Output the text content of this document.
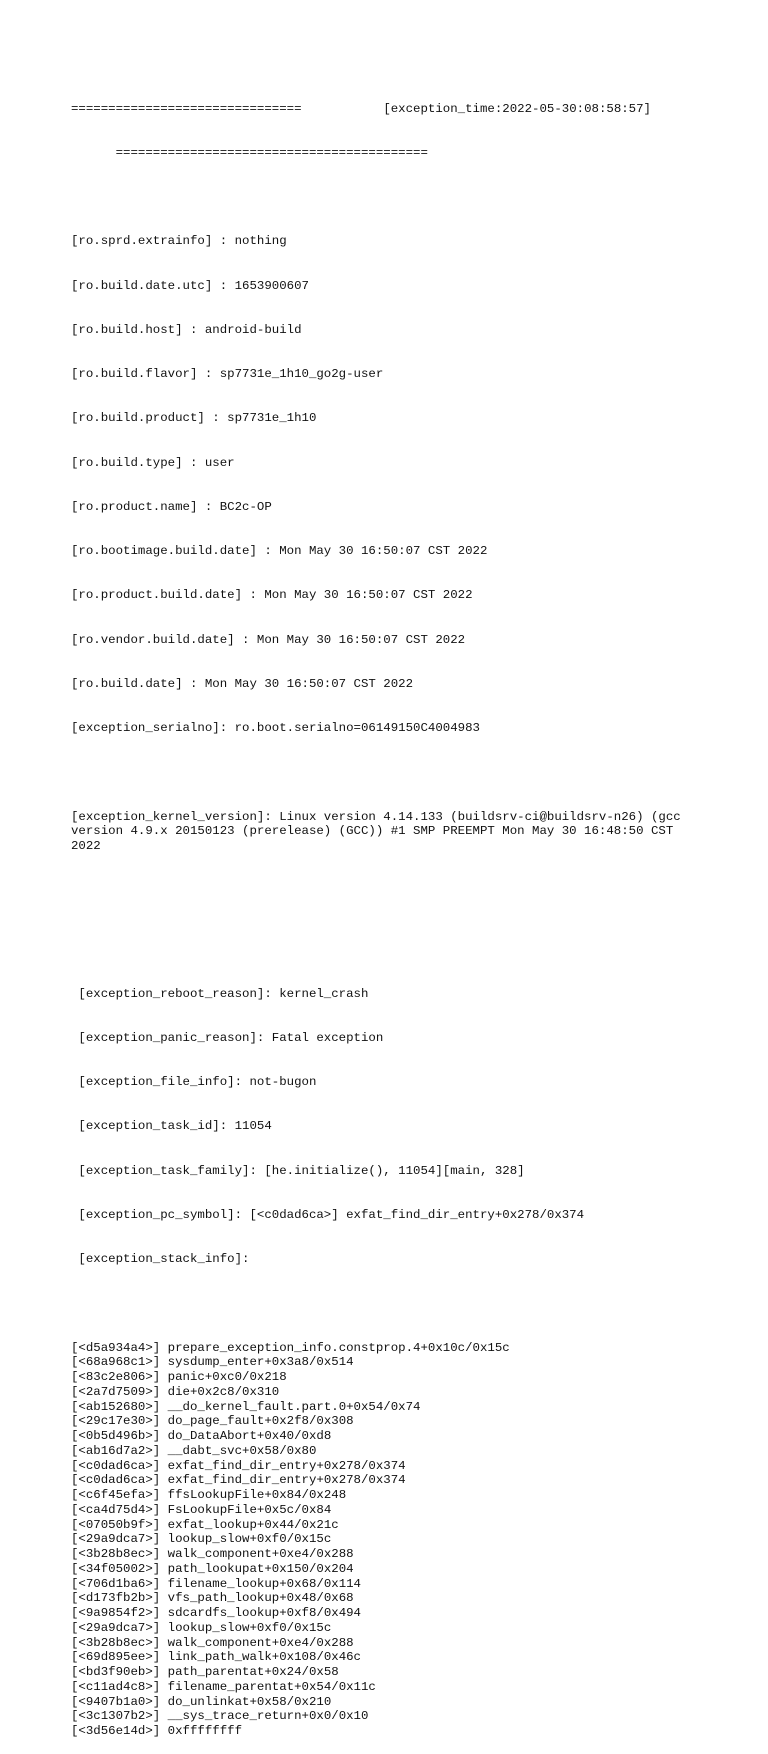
===============================	[exception_time:2022-05-30:08:58:57]

==========================================

[ro.sprd.extrainfo] : nothing

[ro.build.date.utc] : 1653900607

[ro.build.host] : android-build

[ro.build.flavor] : sp7731e_1h10_go2g-user

[ro.build.product] : sp7731e_1h10

[ro.build.type] : user

[ro.product.name] : BC2c-OP

[ro.bootimage.build.date] : Mon May 30 16:50:07 CST 2022

[ro.product.build.date] : Mon May 30 16:50:07 CST 2022

[ro.vendor.build.date] : Mon May 30 16:50:07 CST 2022

[ro.build.date] : Mon May 30 16:50:07 CST 2022

[exception_serialno]: ro.boot.serialno=06149150C4004983

[exception_kernel_version]: Linux version 4.14.133 (buildsrv-ci@buildsrv-n26) (gcc version 4.9.x 20150123 (prerelease) (GCC)) #1 SMP PREEMPT Mon May 30 16:48:50 CST 2022

[exception_reboot_reason]: kernel_crash

[exception_panic_reason]: Fatal exception

[exception_file_info]: not-bugon

[exception_task_id]: 11054

[exception_task_family]: [he.initialize(), 11054][main, 328]

[exception_pc_symbol]: [<c0dad6ca>] exfat_find_dir_entry+0x278/0x374

[exception_stack_info]:

[<d5a934a4>] prepare_exception_info.constprop.4+0x10c/0x15c
[<68a968c1>] sysdump_enter+0x3a8/0x514
[<83c2e806>] panic+0xc0/0x218
[<2a7d7509>] die+0x2c8/0x310
[<ab152680>] __do_kernel_fault.part.0+0x54/0x74
[<29c17e30>] do_page_fault+0x2f8/0x308
[<0b5d496b>] do_DataAbort+0x40/0xd8
[<ab16d7a2>] __dabt_svc+0x58/0x80
[<c0dad6ca>] exfat_find_dir_entry+0x278/0x374
[<c0dad6ca>] exfat_find_dir_entry+0x278/0x374
[<c6f45efa>] ffsLookupFile+0x84/0x248
[<ca4d75d4>] FsLookupFile+0x5c/0x84
[<07050b9f>] exfat_lookup+0x44/0x21c
[<29a9dca7>] lookup_slow+0xf0/0x15c
[<3b28b8ec>] walk_component+0xe4/0x288
[<34f05002>] path_lookupat+0x150/0x204
[<706d1ba6>] filename_lookup+0x68/0x114
[<d173fb2b>] vfs_path_lookup+0x48/0x68
[<9a9854f2>] sdcardfs_lookup+0xf8/0x494
[<29a9dca7>] lookup_slow+0xf0/0x15c
[<3b28b8ec>] walk_component+0xe4/0x288
[<69d895ee>] link_path_walk+0x108/0x46c
[<bd3f90eb>] path_parentat+0x24/0x58
[<c11ad4c8>] filename_parentat+0x54/0x11c
[<9407b1a0>] do_unlinkat+0x58/0x210
[<3c1307b2>] __sys_trace_return+0x0/0x10
[<3d56e14d>] 0xffffffff
